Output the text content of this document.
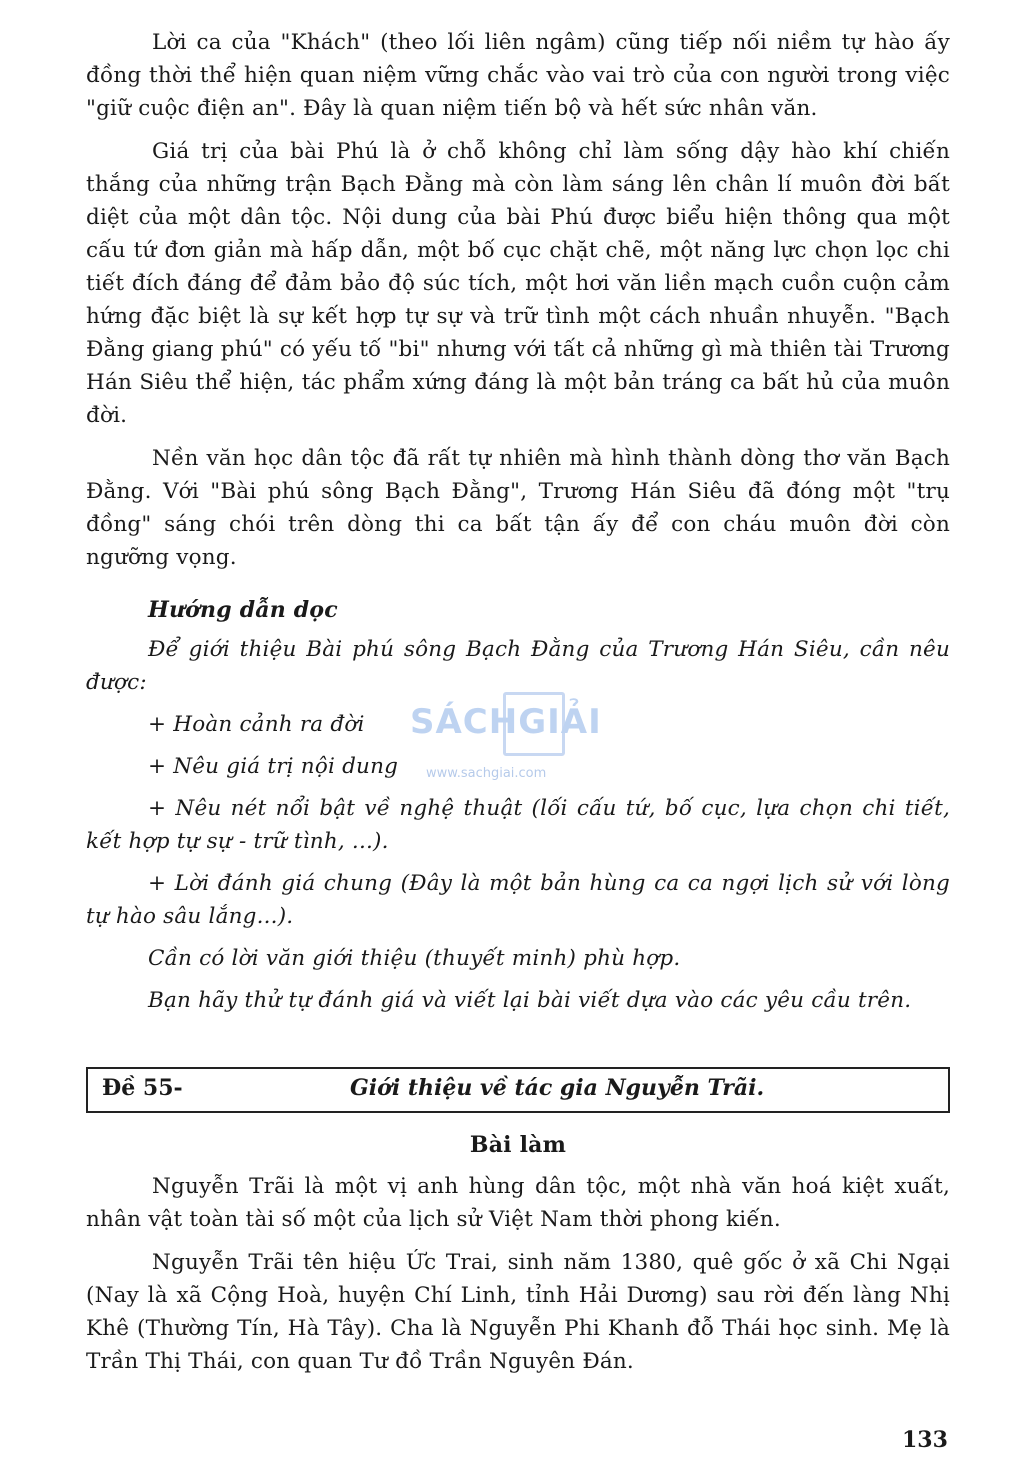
Lời ca của "Khách" (theo lối liên ngâm) cũng tiếp nối niềm tự hào ấy đồng thời thể hiện quan niệm vững chắc vào vai trò của con người trong việc "giữ cuộc điện an". Đây là quan niệm tiến bộ và hết sức nhân văn.

Giá trị của bài Phú là ở chỗ không chỉ làm sống dậy hào khí chiến thắng của những trận Bạch Đằng mà còn làm sáng lên chân lí muôn đời bất diệt của một dân tộc. Nội dung của bài Phú được biểu hiện thông qua một cấu tứ đơn giản mà hấp dẫn, một bố cục chặt chẽ, một năng lực chọn lọc chi tiết đích đáng để đảm bảo độ súc tích, một hơi văn liền mạch cuồn cuộn cảm hứng đặc biệt là sự kết hợp tự sự và trữ tình một cách nhuần nhuyễn. "Bạch Đằng giang phú" có yếu tố "bi" nhưng với tất cả những gì mà thiên tài Trương Hán Siêu thể hiện, tác phẩm xứng đáng là một bản tráng ca bất hủ của muôn đời.

Nền văn học dân tộc đã rất tự nhiên mà hình thành dòng thơ văn Bạch Đằng. Với "Bài phú sông Bạch Đằng", Trương Hán Siêu đã đóng một "trụ đồng" sáng chói trên dòng thi ca bất tận ấy để con cháu muôn đời còn ngưỡng vọng.

Hướng dẫn dọc

Để giới thiệu Bài phú sông Bạch Đằng của Trương Hán Siêu, cần nêu được:

+ Hoàn cảnh ra đời

+ Nêu giá trị nội dung

+ Nêu nét nổi bật về nghệ thuật (lối cấu tứ, bố cục, lựa chọn chi tiết, kết hợp tự sự - trữ tình, ...).

+ Lời đánh giá chung (Đây là một bản hùng ca ca ngợi lịch sử với lòng tự hào sâu lắng...).

Cần có lời văn giới thiệu (thuyết minh) phù hợp.

Bạn hãy thử tự đánh giá và viết lại bài viết dựa vào các yêu cầu trên.

Đề 55-	Giới thiệu về tác gia Nguyễn Trãi.

Bài làm

Nguyễn Trãi là một vị anh hùng dân tộc, một nhà văn hoá kiệt xuất, nhân vật toàn tài số một của lịch sử Việt Nam thời phong kiến.

Nguyễn Trãi tên hiệu Ức Trai, sinh năm 1380, quê gốc ở xã Chi Ngại (Nay là xã Cộng Hoà, huyện Chí Linh, tỉnh Hải Dương) sau rời đến làng Nhị Khê (Thường Tín, Hà Tây). Cha là Nguyễn Phi Khanh đỗ Thái học sinh. Mẹ là Trần Thị Thái, con quan Tư đồ Trần Nguyên Đán.

SÁCHGIẢI
www.sachgiai.com
133
